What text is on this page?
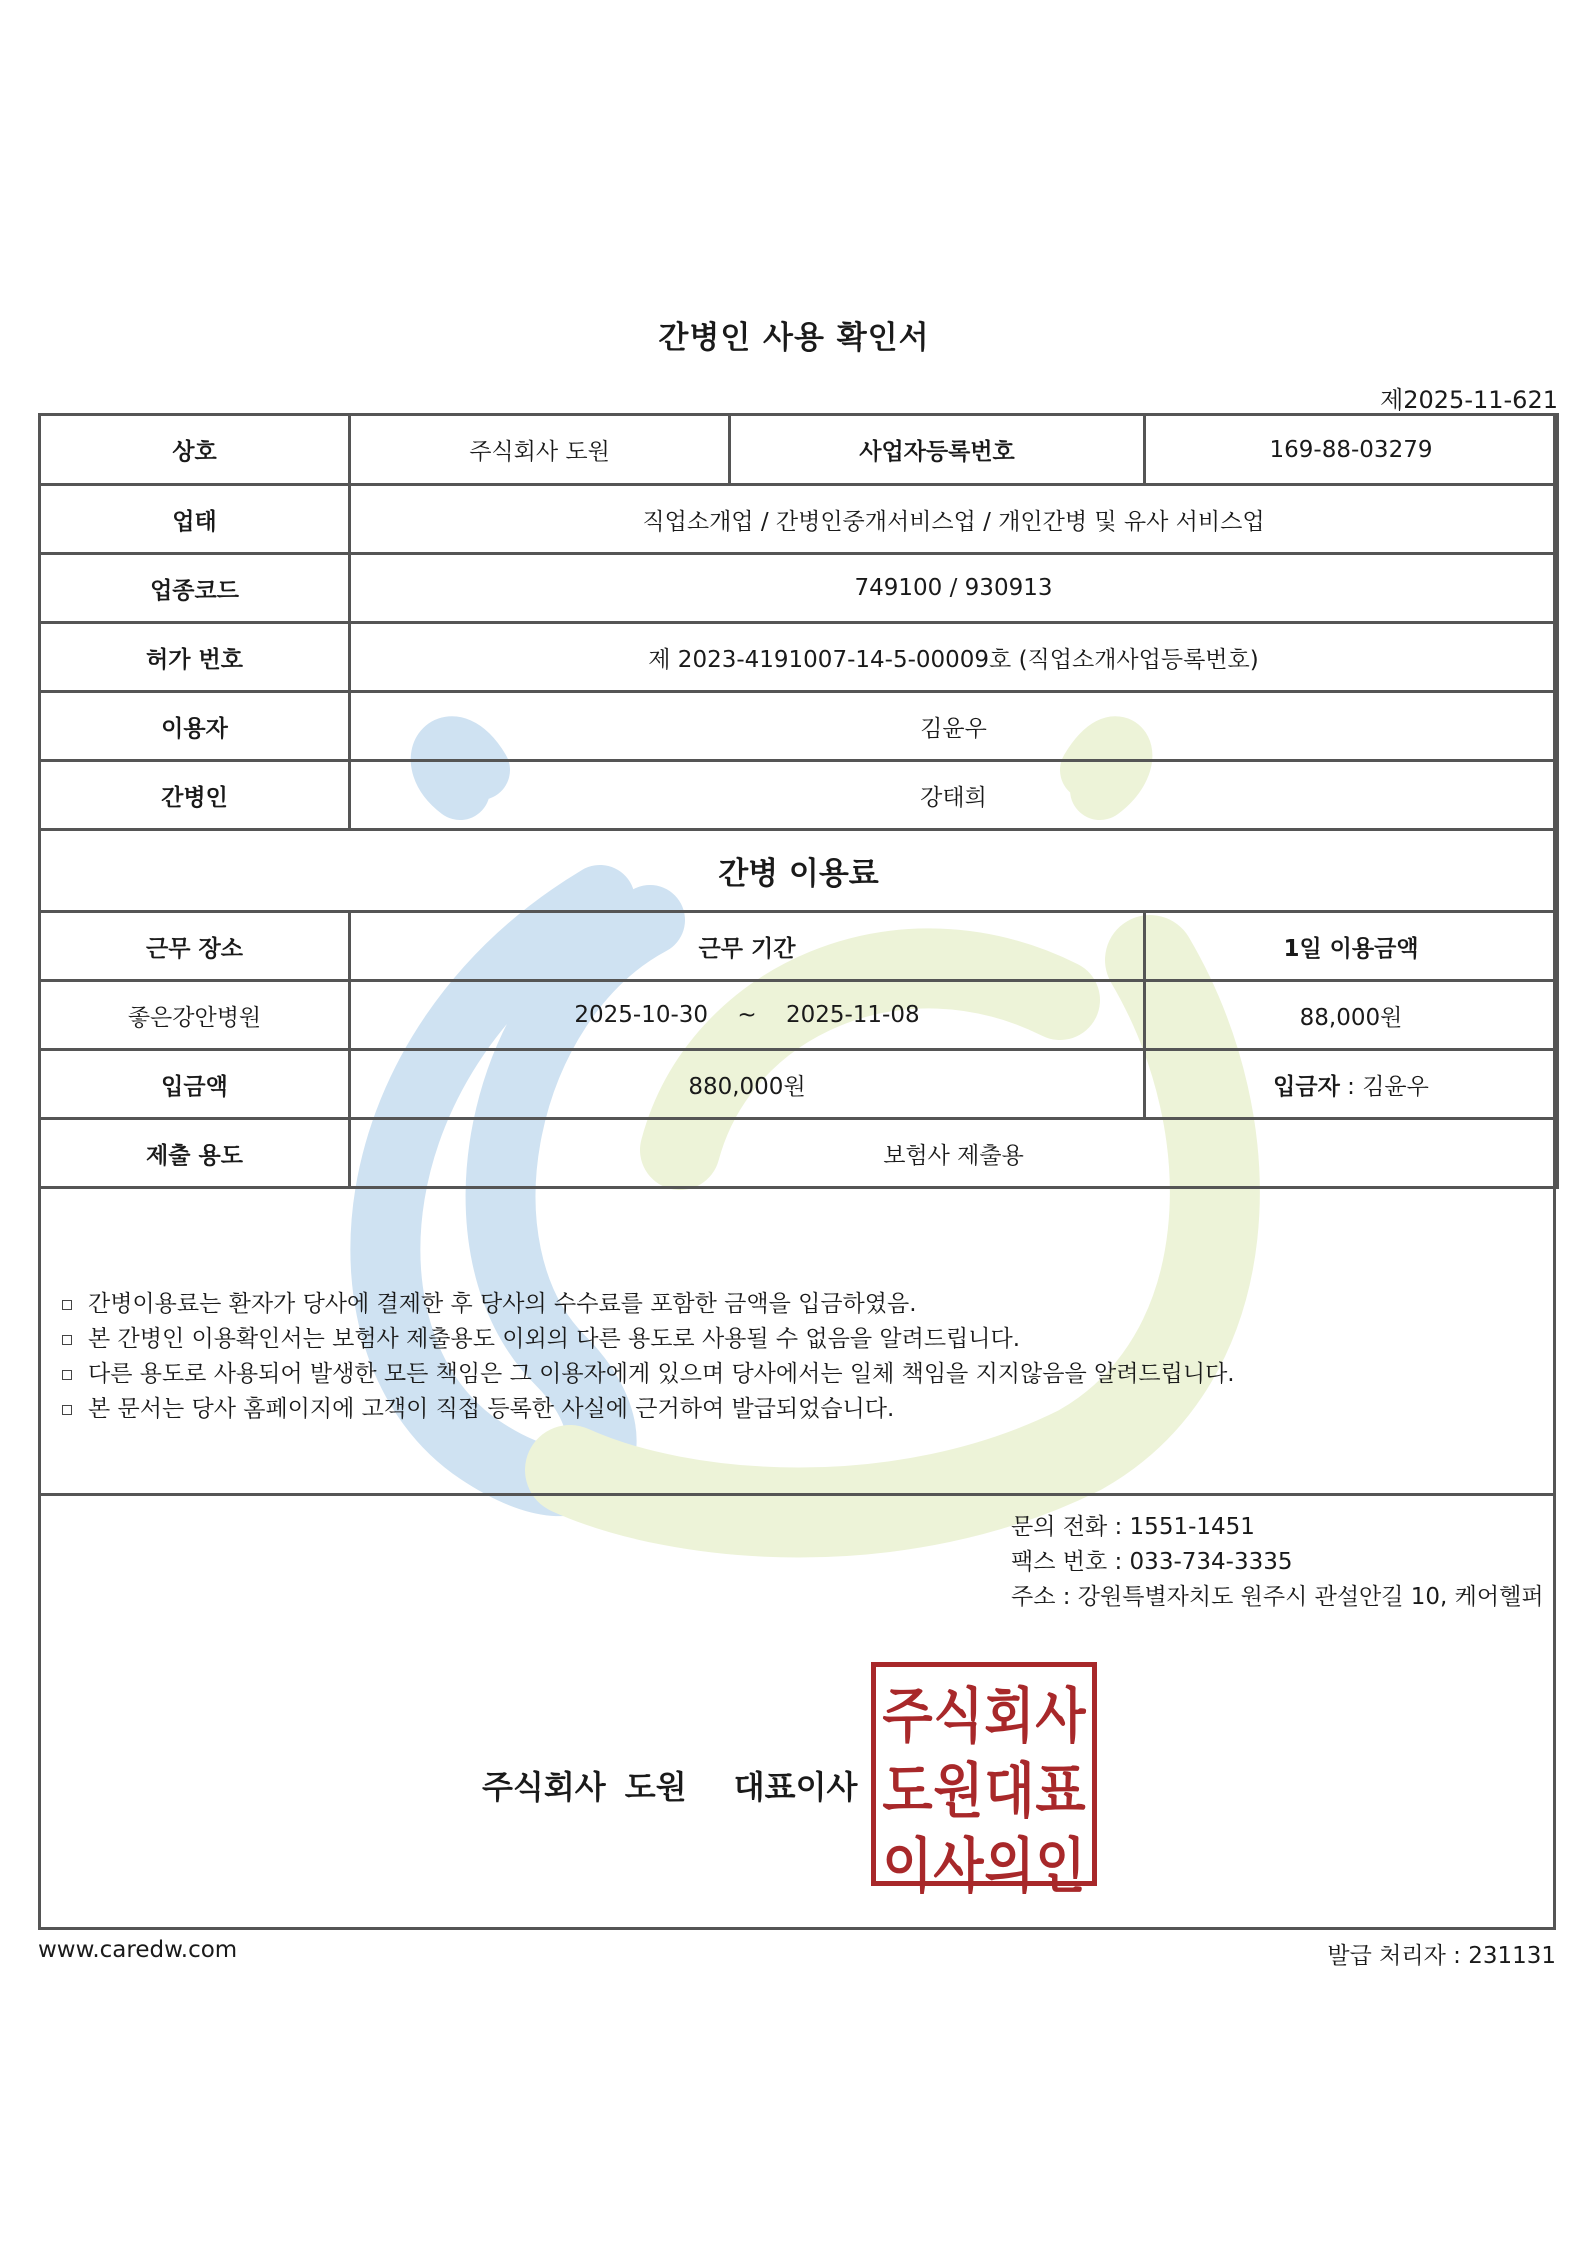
간병인 사용 확인서
제2025-11-621
상호	주식회사 도원	사업자등록번호	169-88-03279
업태	직업소개업 / 간병인중개서비스업 / 개인간병 및 유사 서비스업		
업종코드	749100 / 930913		
허가 번호	제 2023-4191007-14-5-00009호 (직업소개사업등록번호)		
이용자	김윤우		
간병인	강태희		
간병 이용료			
근무 장소	근무 기간		1일 이용금액
좋은강안병원	2025-10-30 ~ 2025-11-08		88,000원
입금액	880,000원		입금자 : 김윤우
제출 용도	보험사 제출용		
간병이용료는 환자가 당사에 결제한 후 당사의 수수료를 포함한 금액을 입금하였음.
본 간병인 이용확인서는 보험사 제출용도 이외의 다른 용도로 사용될 수 없음을 알려드립니다.
다른 용도로 사용되어 발생한 모든 책임은 그 이용자에게 있으며 당사에서는 일체 책임을 지지않음을 알려드립니다.
본 문서는 당사 홈페이지에 고객이 직접 등록한 사실에 근거하여 발급되었습니다.
문의 전화 : 1551-1451
팩스 번호 : 033-734-3335
주소 : 강원특별자치도 원주시 관설안길 10, 케어헬퍼
주식회사 도원 대표이사
주 식 회 사
도 원 대 표
이 사 의 인
www.caredw.com	발급 처리자 : 231131
